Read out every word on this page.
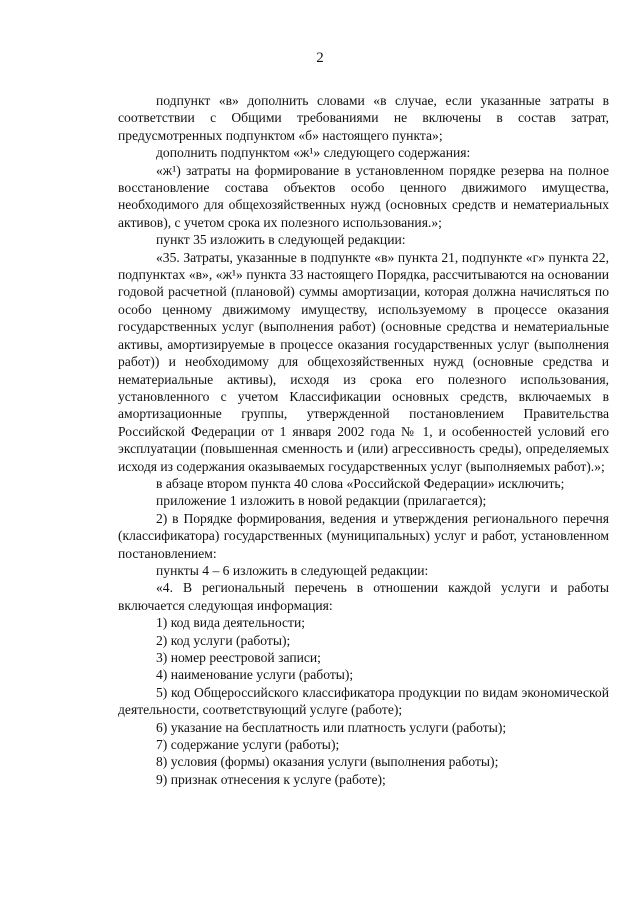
2

подпункт «в» дополнить словами «в случае, если указанные затраты в соответствии с Общими требованиями не включены в состав затрат, предусмотренных подпунктом «б» настоящего пункта»;

дополнить подпунктом «ж¹» следующего содержания:

«ж¹) затраты на формирование в установленном порядке резерва на полное восстановление состава объектов особо ценного движимого имущества, необходимого для общехозяйственных нужд (основных средств и нематериальных активов), с учетом срока их полезного использования.»;

пункт 35 изложить в следующей редакции:

«35. Затраты, указанные в подпункте «в» пункта 21, подпункте «г» пункта 22, подпунктах «в», «ж¹» пункта 33 настоящего Порядка, рассчитываются на основании годовой расчетной (плановой) суммы амортизации, которая должна начисляться по особо ценному движимому имуществу, используемому в процессе оказания государственных услуг (выполнения работ) (основные средства и нематериальные активы, амортизируемые в процессе оказания государственных услуг (выполнения работ)) и необходимому для общехозяйственных нужд (основные средства и нематериальные активы), исходя из срока его полезного использования, установленного с учетом Классификации основных средств, включаемых в амортизационные группы, утвержденной постановлением Правительства Российской Федерации от 1 января 2002 года № 1, и особенностей условий его эксплуатации (повышенная сменность и (или) агрессивность среды), определяемых исходя из содержания оказываемых государственных услуг (выполняемых работ).»;

в абзаце втором пункта 40 слова «Российской Федерации» исключить;

приложение 1 изложить в новой редакции (прилагается);

2) в Порядке формирования, ведения и утверждения регионального перечня (классификатора) государственных (муниципальных) услуг и работ, установленном постановлением:

пункты 4 – 6 изложить в следующей редакции:

«4. В региональный перечень в отношении каждой услуги и работы включается следующая информация:

1) код вида деятельности;

2) код услуги (работы);

3) номер реестровой записи;

4) наименование услуги (работы);

5) код Общероссийского классификатора продукции по видам экономической деятельности, соответствующий услуге (работе);

6) указание на бесплатность или платность услуги (работы);

7) содержание услуги (работы);

8) условия (формы) оказания услуги (выполнения работы);

9) признак отнесения к услуге (работе);
